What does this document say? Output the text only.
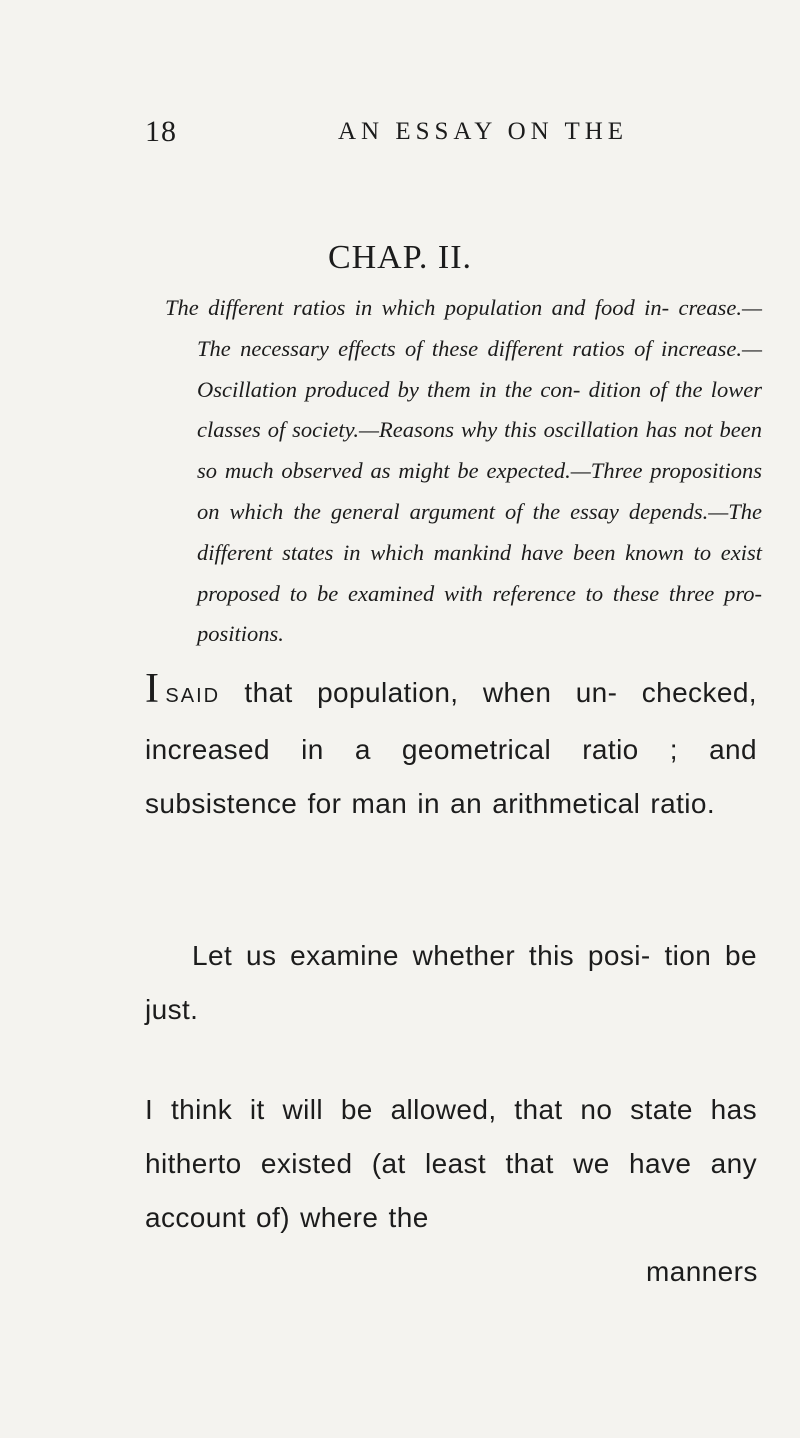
18	AN ESSAY ON THE
CHAP. II.

The different ratios in which population and food in- crease.—The necessary effects of these different ratios of increase.—Oscillation produced by them in the con- dition of the lower classes of society.—Reasons why this oscillation has not been so much observed as might be expected.—Three propositions on which the general argument of the essay depends.—The different states in which mankind have been known to exist proposed to be examined with reference to these three pro- positions.

ISAID that population, when un- checked, increased in a geometrical ratio ; and subsistence for man in an arithmetical ratio.

Let us examine whether this posi- tion be just.

I think it will be allowed, that no state has hitherto existed (at least that we have any account of) where the

manners
